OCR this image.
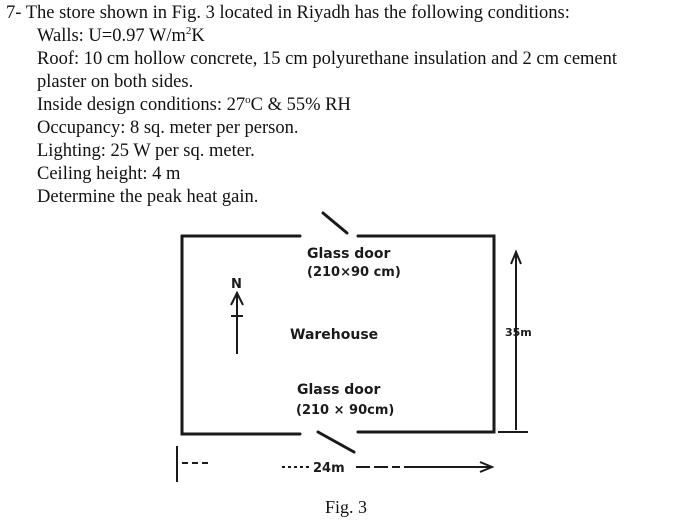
7- The store shown in Fig. 3 located in Riyadh has the following conditions:
Walls: U=0.97 $W/m^2K$
Roof: 10 cm hollow concrete, 15 cm polyurethane insulation and 2 cm cement
plaster on both sides.
Inside design conditions: 27$^o$C & 55% RH
Occupancy: 8 sq. meter per person.
Lighting: 25 W per sq. meter.
Ceiling height: 4 m
Determine the peak heat gain.
Glass door
(210×90 cm)
Warehouse
Glass door
(210 × 90cm)
N
24m
35m
Fig. 3
